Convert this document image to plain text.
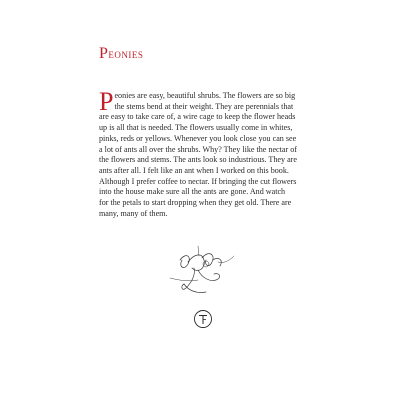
Peonies
P eonies are easy, beautiful shrubs. The flowers are so big
the stems bend at their weight. They are perennials that
are easy to take care of, a wire cage to keep the flower heads
up is all that is needed. The flowers usually come in whites,
pinks, reds or yellows. Whenever you look close you can see
a lot of ants all over the shrubs. Why? They like the nectar of
the flowers and stems. The ants look so industrious. They are
ants after all. I felt like an ant when I worked on this book.
Although I prefer coffee to nectar. If bringing the cut flowers
into the house make sure all the ants are gone. And watch
for the petals to start dropping when they get old. There are
many, many of them.
